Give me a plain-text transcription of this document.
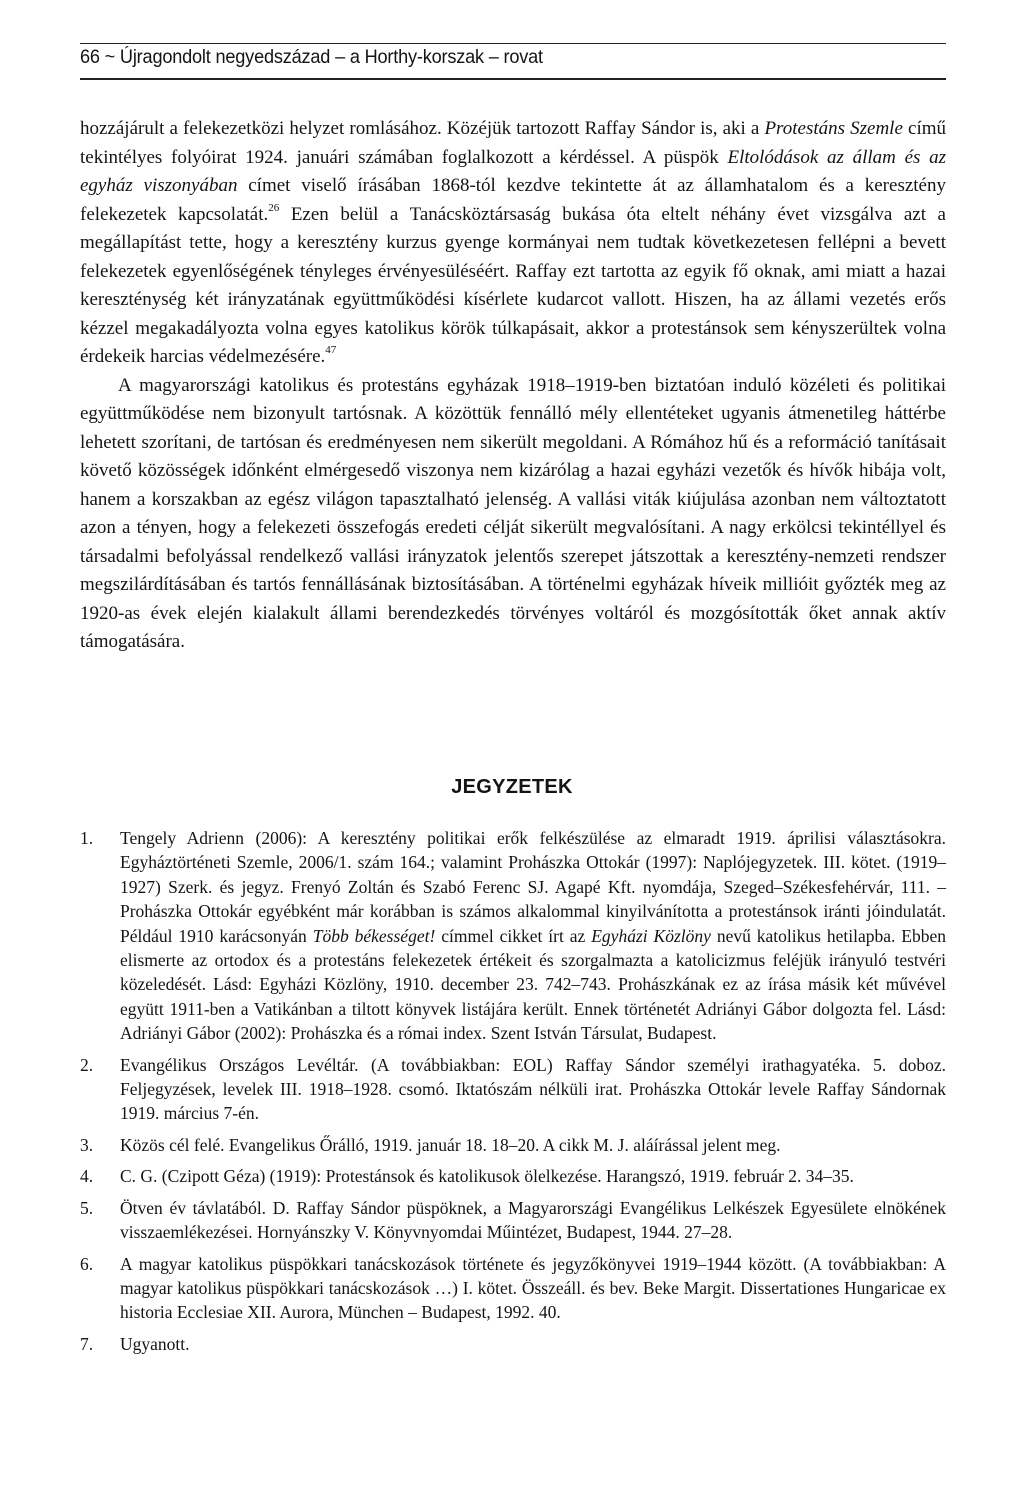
66 ~ Újragondolt negyedszázad – a Horthy-korszak – rovat

hozzájárult a felekezetközi helyzet romlásához. Közéjük tartozott Raffay Sándor is, aki a Protestáns Szemle című tekintélyes folyóirat 1924. januári számában foglalkozott a kérdéssel. A püspök Eltolódások az állam és az egyház viszonyában címet viselő írásában 1868-tól kezdve tekintette át az államhatalom és a keresztény felekezetek kapcsolatát.$^{26}$ Ezen belül a Tanácsköztársaság bukása óta eltelt néhány évet vizsgálva azt a megállapítást tette, hogy a keresztény kurzus gyenge kormányai nem tudtak következetesen fellépni a bevett felekezetek egyenlőségének tényleges érvényesüléséért. Raffay ezt tartotta az egyik fő oknak, ami miatt a hazai kereszténység két irányzatának együttműködési kísérlete kudarcot vallott. Hiszen, ha az állami vezetés erős kézzel megakadályozta volna egyes katolikus körök túlkapásait, akkor a protestánsok sem kényszerültek volna érdekeik harcias védelmezésére.$^{47}$

A magyarországi katolikus és protestáns egyházak 1918–1919-ben biztatóan induló közéleti és politikai együttműködése nem bizonyult tartósnak. A közöttük fennálló mély ellentéteket ugyanis átmenetileg háttérbe lehetett szorítani, de tartósan és eredményesen nem sikerült megoldani. A Rómához hű és a reformáció tanításait követő közösségek időnként elmérgesedő viszonya nem kizárólag a hazai egyházi vezetők és hívők hibája volt, hanem a korszakban az egész világon tapasztalható jelenség. A vallási viták kiújulása azonban nem változtatott azon a tényen, hogy a felekezeti összefogás eredeti célját sikerült megvalósítani. A nagy erkölcsi tekintéllyel és társadalmi befolyással rendelkező vallási irányzatok jelentős szerepet játszottak a keresztény-nemzeti rendszer megszilárdításában és tartós fennállásának biztosításában. A történelmi egyházak híveik millióit győzték meg az 1920-as évek elején kialakult állami berendezkedés törvényes voltáról és mozgósították őket annak aktív támogatására.

JEGYZETEK
1.	Tengely Adrienn (2006): A keresztény politikai erők felkészülése az elmaradt 1919. áprilisi választásokra. Egyháztörténeti Szemle, 2006/1. szám 164.; valamint Prohászka Ottokár (1997): Naplójegyzetek. III. kötet. (1919–1927) Szerk. és jegyz. Frenyó Zoltán és Szabó Ferenc SJ. Agapé Kft. nyomdája, Szeged–Székesfehérvár, 111. – Prohászka Ottokár egyébként már korábban is számos alkalommal kinyilvánította a protestánsok iránti jóindulatát. Például 1910 karácsonyán Több békességet! címmel cikket írt az Egyházi Közlöny nevű katolikus hetilapba. Ebben elismerte az ortodox és a protestáns felekezetek értékeit és szorgalmazta a katolicizmus feléjük irányuló testvéri közeledését. Lásd: Egyházi Közlöny, 1910. december 23. 742–743. Prohászkának ez az írása másik két művével együtt 1911-ben a Vatikánban a tiltott könyvek listájára került. Ennek történetét Adriányi Gábor dolgozta fel. Lásd: Adriányi Gábor (2002): Prohászka és a római index. Szent István Társulat, Budapest.
2.	Evangélikus Országos Levéltár. (A továbbiakban: EOL) Raffay Sándor személyi irathagyatéka. 5. doboz. Feljegyzések, levelek III. 1918–1928. csomó. Iktatószám nélküli irat. Prohászka Ottokár levele Raffay Sándornak 1919. március 7-én.
3.	Közös cél felé. Evangelikus Őrálló, 1919. január 18. 18–20. A cikk M. J. aláírással jelent meg.
4.	C. G. (Czipott Géza) (1919): Protestánsok és katolikusok ölelkezése. Harangszó, 1919. február 2. 34–35.
5.	Ötven év távlatából. D. Raffay Sándor püspöknek, a Magyarországi Evangélikus Lelkészek Egyesülete elnökének visszaemlékezései. Hornyánszky V. Könyvnyomdai Műintézet, Budapest, 1944. 27–28.
6.	A magyar katolikus püspökkari tanácskozások története és jegyzőkönyvei 1919–1944 között. (A továbbiakban: A magyar katolikus püspökkari tanácskozások …) I. kötet. Összeáll. és bev. Beke Margit. Dissertationes Hungaricae ex historia Ecclesiae XII. Aurora, München – Budapest, 1992. 40.
7.	Ugyanott.
